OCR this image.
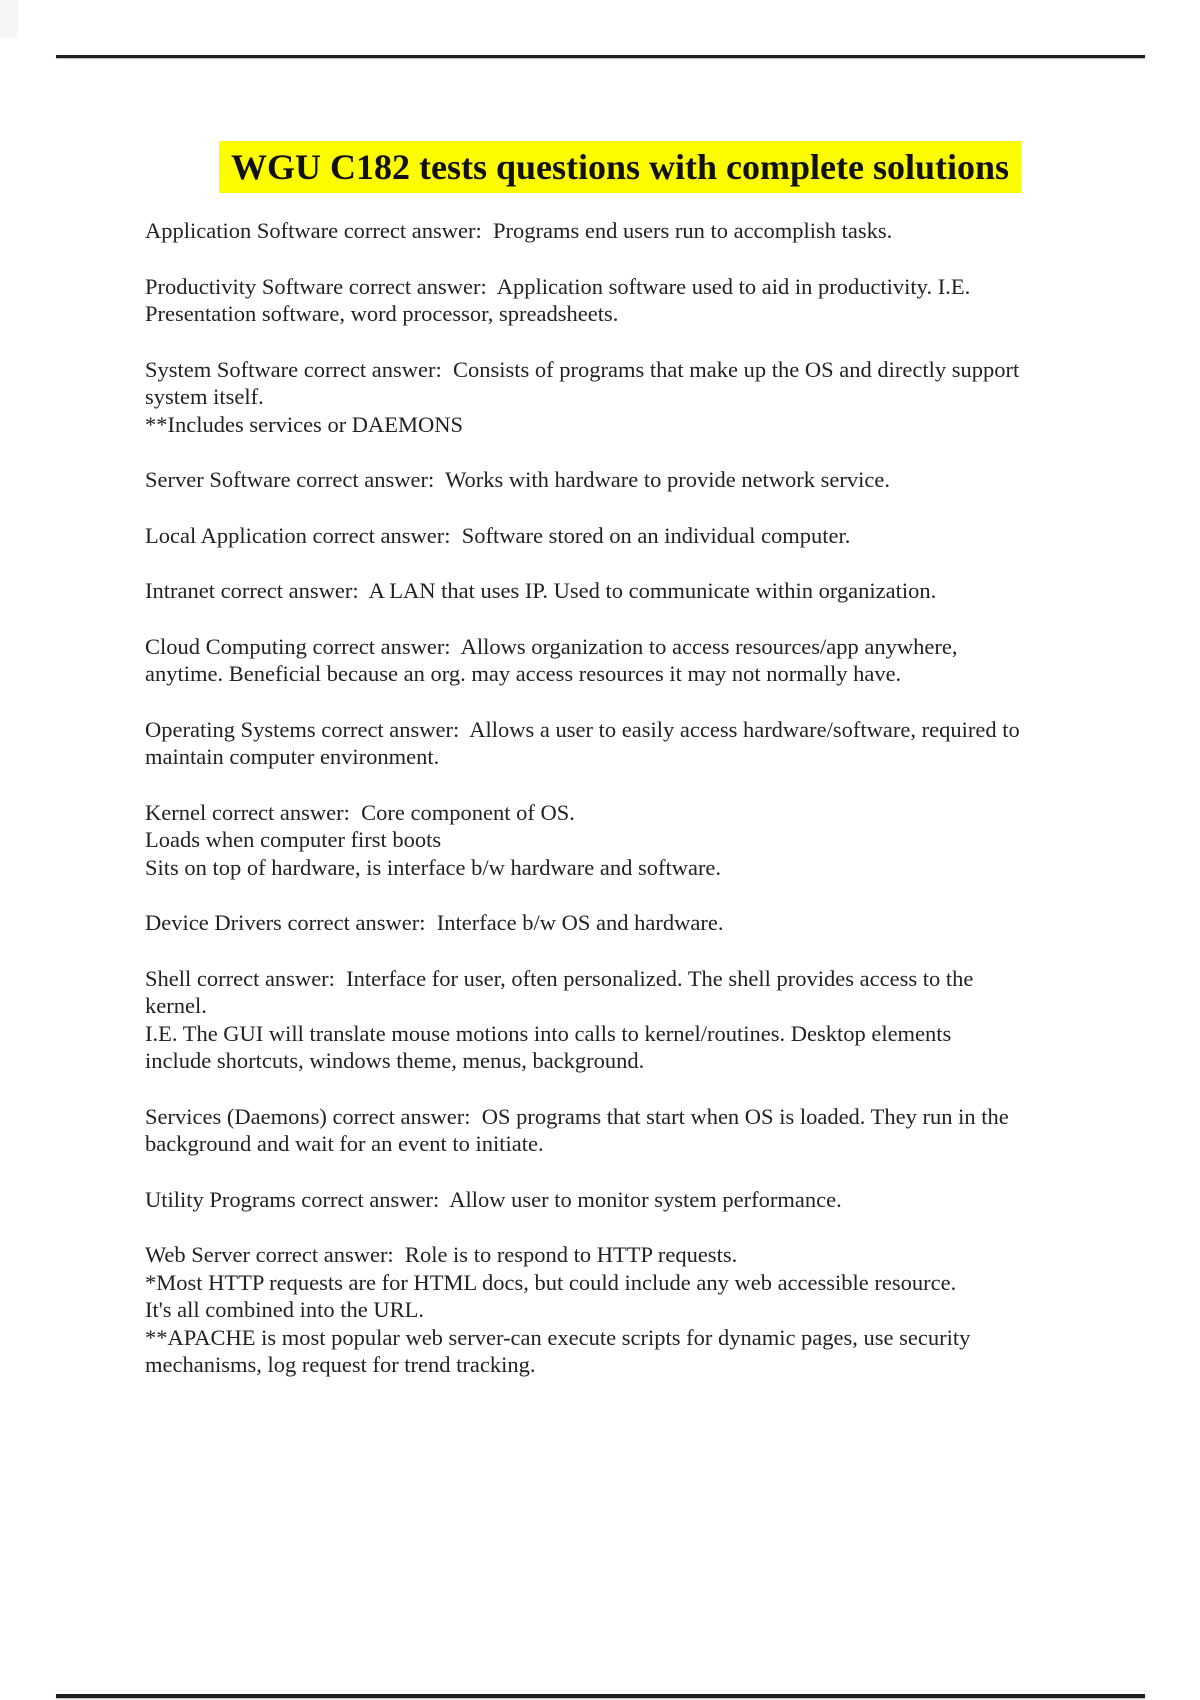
WGU C182 tests questions with complete solutions
Application Software correct answer:  Programs end users run to accomplish tasks.
Productivity Software correct answer:  Application software used to aid in productivity. I.E.
Presentation software, word processor, spreadsheets.
System Software correct answer:  Consists of programs that make up the OS and directly support
system itself.
**Includes services or DAEMONS
Server Software correct answer:  Works with hardware to provide network service.
Local Application correct answer:  Software stored on an individual computer.
Intranet correct answer:  A LAN that uses IP. Used to communicate within organization.
Cloud Computing correct answer:  Allows organization to access resources/app anywhere,
anytime. Beneficial because an org. may access resources it may not normally have.
Operating Systems correct answer:  Allows a user to easily access hardware/software, required to
maintain computer environment.
Kernel correct answer:  Core component of OS.
Loads when computer first boots
Sits on top of hardware, is interface b/w hardware and software.
Device Drivers correct answer:  Interface b/w OS and hardware.
Shell correct answer:  Interface for user, often personalized. The shell provides access to the
kernel.
I.E. The GUI will translate mouse motions into calls to kernel/routines. Desktop elements
include shortcuts, windows theme, menus, background.
Services (Daemons) correct answer:  OS programs that start when OS is loaded. They run in the
background and wait for an event to initiate.
Utility Programs correct answer:  Allow user to monitor system performance.
Web Server correct answer:  Role is to respond to HTTP requests.
*Most HTTP requests are for HTML docs, but could include any web accessible resource.
It's all combined into the URL.
**APACHE is most popular web server-can execute scripts for dynamic pages, use security
mechanisms, log request for trend tracking.
